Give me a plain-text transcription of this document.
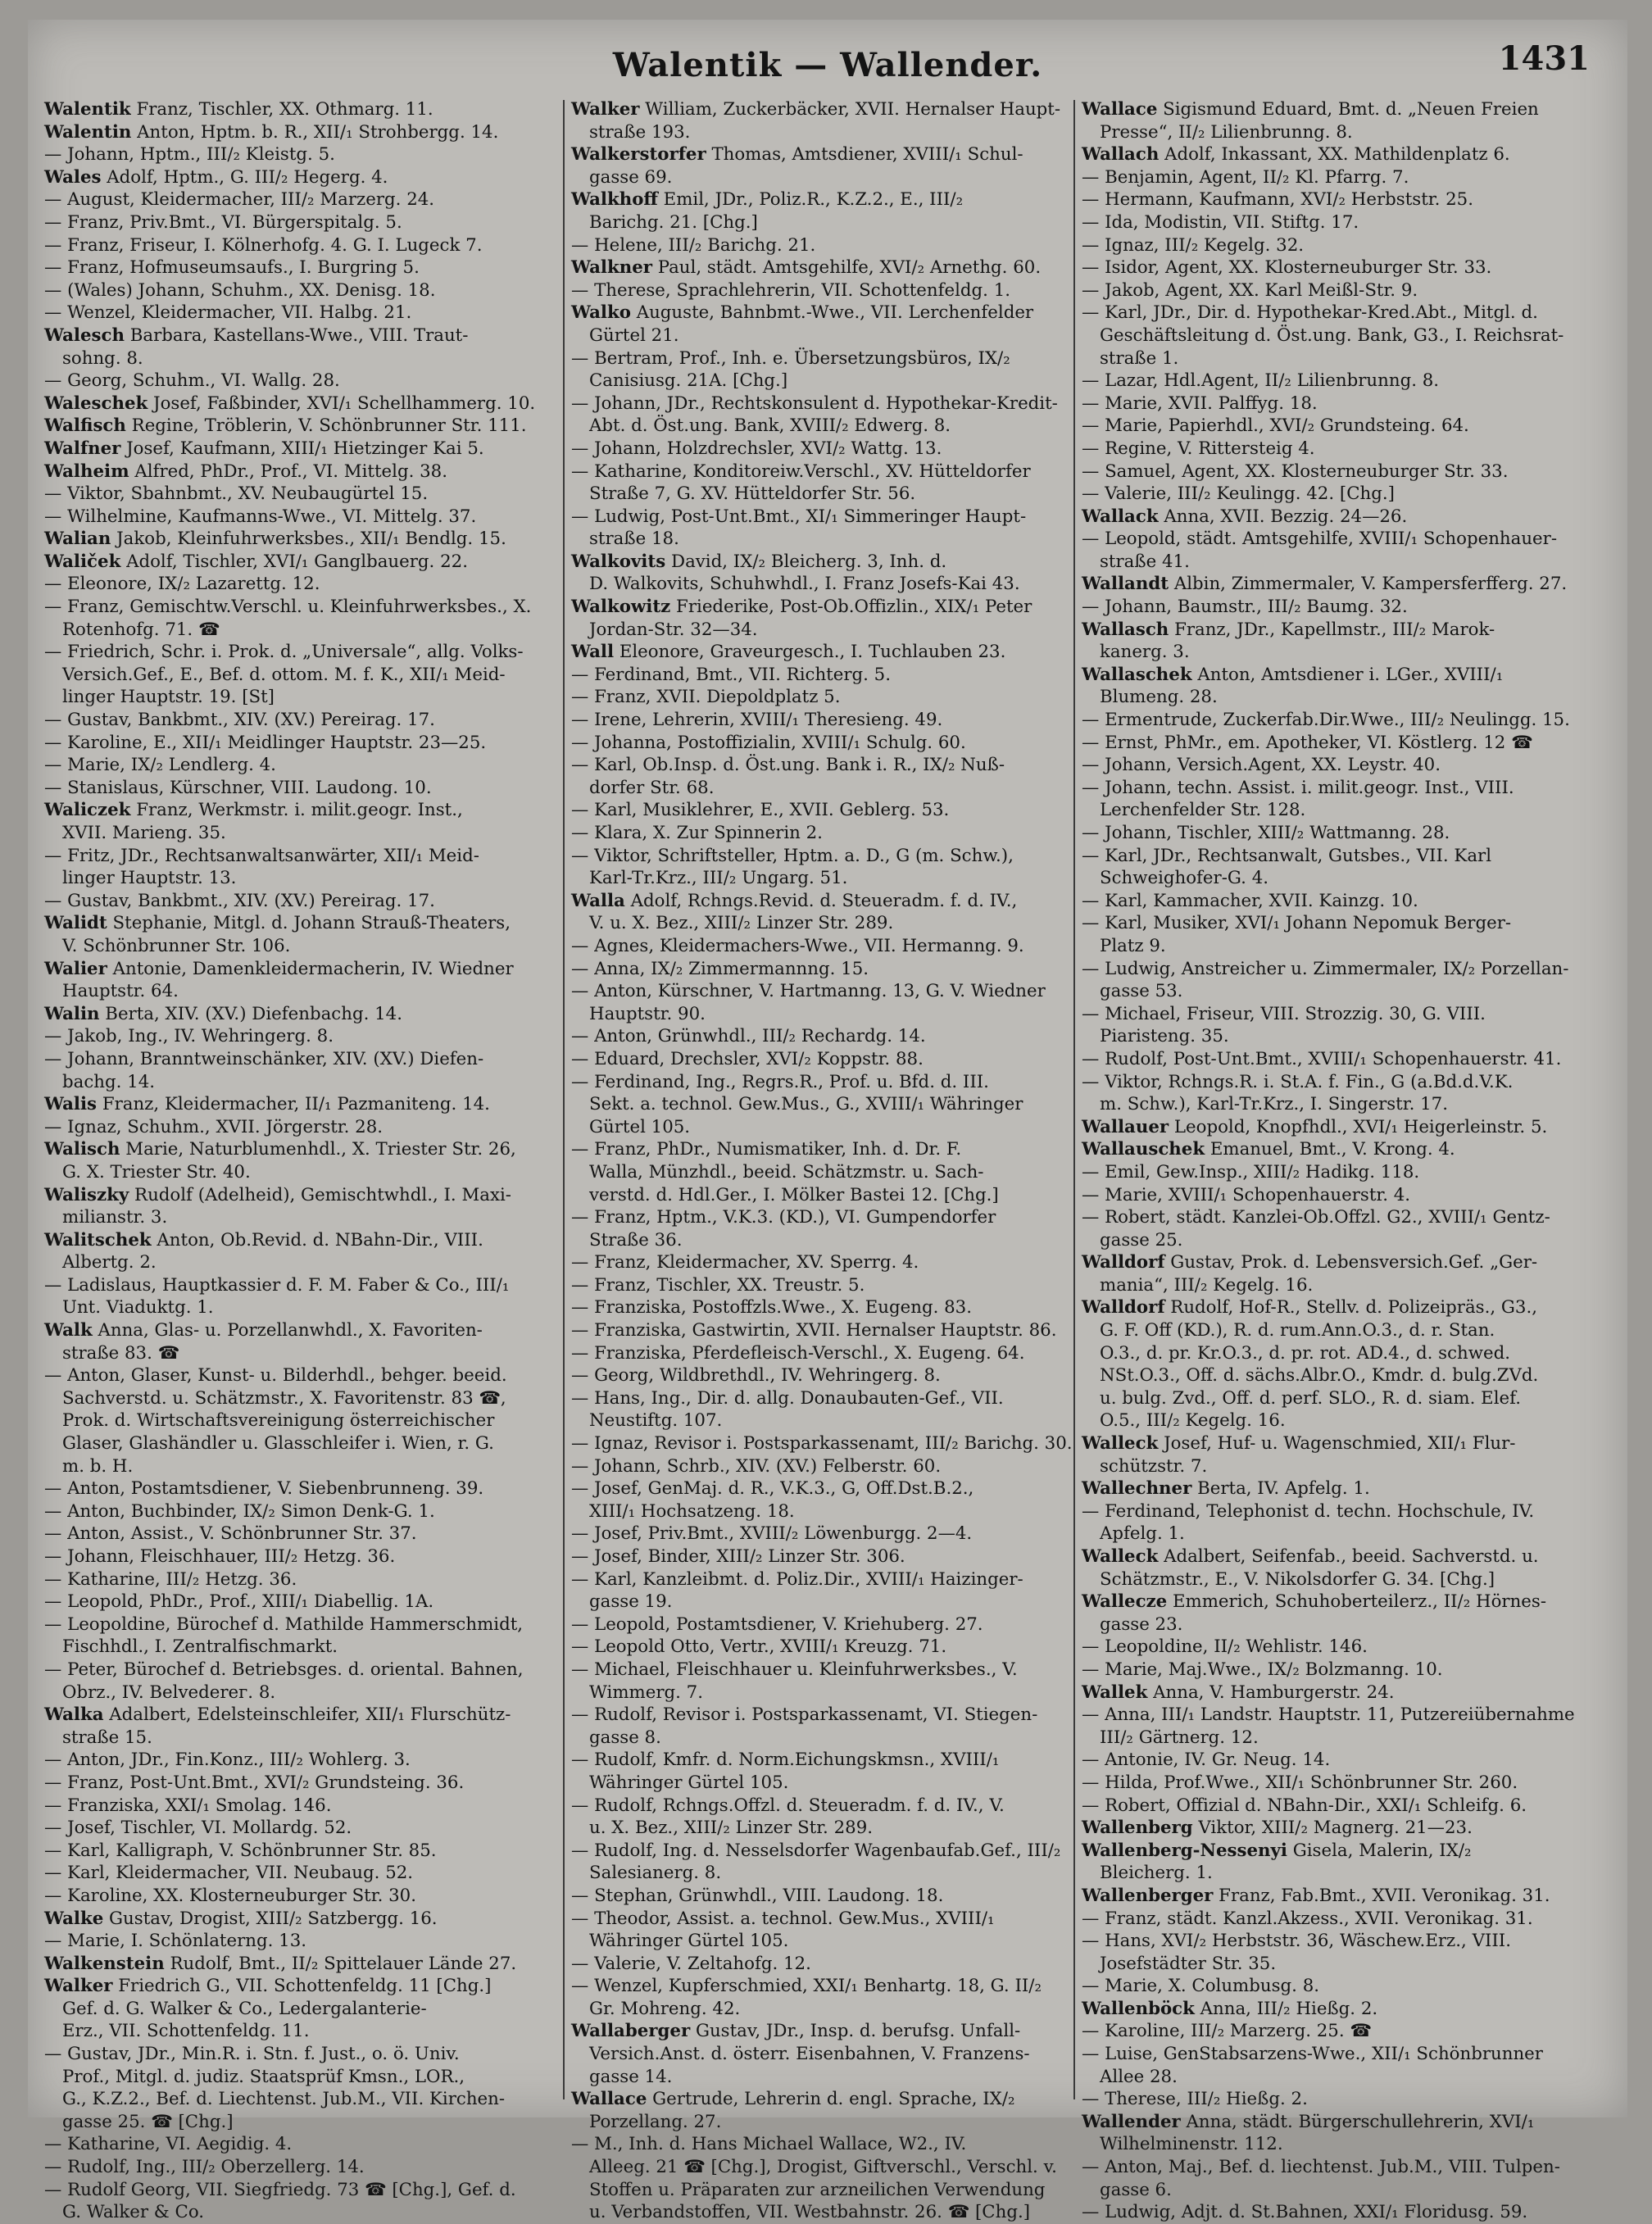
Walentik — Wallender.	1431
Walentik Franz, Tischler, XX. Othmarg. 11.
Walentin Anton, Hptm. b. R., XII/₁ Strohbergg. 14.
— Johann, Hptm., III/₂ Kleistg. 5.
Wales Adolf, Hptm., G. III/₂ Hegerg. 4.
— August, Kleidermacher, III/₂ Marzerg. 24.
— Franz, Priv.Bmt., VI. Bürgerspitalg. 5.
— Franz, Friseur, I. Kölnerhofg. 4. G. I. Lugeck 7.
— Franz, Hofmuseumsaufs., I. Burgring 5.
— (Wales) Johann, Schuhm., XX. Denisg. 18.
— Wenzel, Kleidermacher, VII. Halbg. 21.
Walesch Barbara, Kastellans-Wwe., VIII. Traut-
sohng. 8.
— Georg, Schuhm., VI. Wallg. 28.
Waleschek Josef, Faßbinder, XVI/₁ Schellhammerg. 10.
Walfisch Regine, Tröblerin, V. Schönbrunner Str. 111.
Walfner Josef, Kaufmann, XIII/₁ Hietzinger Kai 5.
Walheim Alfred, PhDr., Prof., VI. Mittelg. 38.
— Viktor, Sbahnbmt., XV. Neubaugürtel 15.
— Wilhelmine, Kaufmanns-Wwe., VI. Mittelg. 37.
Walian Jakob, Kleinfuhrwerksbes., XII/₁ Bendlg. 15.
Waliček Adolf, Tischler, XVI/₁ Ganglbauerg. 22.
— Eleonore, IX/₂ Lazarettg. 12.
— Franz, Gemischtw.Verschl. u. Kleinfuhrwerksbes., X.
Rotenhofg. 71. ☎
— Friedrich, Schr. i. Prok. d. „Universale“, allg. Volks-
Versich.Gef., E., Bef. d. ottom. M. f. K., XII/₁ Meid-
linger Hauptstr. 19. [St]
— Gustav, Bankbmt., XIV. (XV.) Pereirag. 17.
— Karoline, E., XII/₁ Meidlinger Hauptstr. 23—25.
— Marie, IX/₂ Lendlerg. 4.
— Stanislaus, Kürschner, VIII. Laudong. 10.
Waliczek Franz, Werkmstr. i. milit.geogr. Inst.,
XVII. Marieng. 35.
— Fritz, JDr., Rechtsanwaltsanwärter, XII/₁ Meid-
linger Hauptstr. 13.
— Gustav, Bankbmt., XIV. (XV.) Pereirag. 17.
Walidt Stephanie, Mitgl. d. Johann Strauß-Theaters,
V. Schönbrunner Str. 106.
Walier Antonie, Damenkleidermacherin, IV. Wiedner
Hauptstr. 64.
Walin Berta, XIV. (XV.) Diefenbachg. 14.
— Jakob, Ing., IV. Wehringerg. 8.
— Johann, Branntweinschänker, XIV. (XV.) Diefen-
bachg. 14.
Walis Franz, Kleidermacher, II/₁ Pazmaniteng. 14.
— Ignaz, Schuhm., XVII. Jörgerstr. 28.
Walisch Marie, Naturblumenhdl., X. Triester Str. 26,
G. X. Triester Str. 40.
Waliszky Rudolf (Adelheid), Gemischtwhdl., I. Maxi-
milianstr. 3.
Walitschek Anton, Ob.Revid. d. NBahn-Dir., VIII.
Albertg. 2.
— Ladislaus, Hauptkassier d. F. M. Faber & Co., III/₁
Unt. Viaduktg. 1.
Walk Anna, Glas- u. Porzellanwhdl., X. Favoriten-
straße 83. ☎
— Anton, Glaser, Kunst- u. Bilderhdl., behger. beeid.
Sachverstd. u. Schätzmstr., X. Favoritenstr. 83 ☎,
Prok. d. Wirtschaftsvereinigung österreichischer
Glaser, Glashändler u. Glasschleifer i. Wien, r. G.
m. b. H.
— Anton, Postamtsdiener, V. Siebenbrunneng. 39.
— Anton, Buchbinder, IX/₂ Simon Denk-G. 1.
— Anton, Assist., V. Schönbrunner Str. 37.
— Johann, Fleischhauer, III/₂ Hetzg. 36.
— Katharine, III/₂ Hetzg. 36.
— Leopold, PhDr., Prof., XIII/₁ Diabellig. 1A.
— Leopoldine, Bürochef d. Mathilde Hammerschmidt,
Fischhdl., I. Zentralfischmarkt.
— Peter, Bürochef d. Betriebsges. d. oriental. Bahnen,
Obrz., IV. Belvederег. 8.
Walka Adalbert, Edelsteinschleifer, XII/₁ Flurschütz-
straße 15.
— Anton, JDr., Fin.Konz., III/₂ Wohlerg. 3.
— Franz, Post-Unt.Bmt., XVI/₂ Grundsteing. 36.
— Franziska, XXI/₁ Smolag. 146.
— Josef, Tischler, VI. Mollardg. 52.
— Karl, Kalligraph, V. Schönbrunner Str. 85.
— Karl, Kleidermacher, VII. Neubaug. 52.
— Karoline, XX. Klosterneuburger Str. 30.
Walke Gustav, Drogist, XIII/₂ Satzbergg. 16.
— Marie, I. Schönlaterng. 13.
Walkenstein Rudolf, Bmt., II/₂ Spittelauer Lände 27.
Walker Friedrich G., VII. Schottenfeldg. 11 [Chg.]
Gef. d. G. Walker & Co., Ledergalanterie-
Erz., VII. Schottenfeldg. 11.
— Gustav, JDr., Min.R. i. Stn. f. Just., o. ö. Univ.
Prof., Mitgl. d. judiz. Staatsprüf Kmsn., LOR.,
G., K.Z.2., Bef. d. Liechtenst. Jub.M., VII. Kirchen-
gasse 25. ☎ [Chg.]
— Katharine, VI. Aegidig. 4.
— Rudolf, Ing., III/₂ Oberzellerg. 14.
— Rudolf Georg, VII. Siegfriedg. 73 ☎ [Chg.], Gef. d.
G. Walker & Co.
Walker William, Zuckerbäcker, XVII. Hernalser Haupt-
straße 193.
Walkerstorfer Thomas, Amtsdiener, XVIII/₁ Schul-
gasse 69.
Walkhoff Emil, JDr., Poliz.R., K.Z.2., E., III/₂
Barichg. 21. [Chg.]
— Helene, III/₂ Barichg. 21.
Walkner Paul, städt. Amtsgehilfe, XVI/₂ Arnethg. 60.
— Therese, Sprachlehrerin, VII. Schottenfeldg. 1.
Walko Auguste, Bahnbmt.-Wwe., VII. Lerchenfelder
Gürtel 21.
— Bertram, Prof., Inh. e. Übersetzungsbüros, IX/₂
Canisiusg. 21A. [Chg.]
— Johann, JDr., Rechtskonsulent d. Hypothekar-Kredit-
Abt. d. Öst.ung. Bank, XVIII/₂ Edwerg. 8.
— Johann, Holzdrechsler, XVI/₂ Wattg. 13.
— Katharine, Konditoreiw.Verschl., XV. Hütteldorfer
Straße 7, G. XV. Hütteldorfer Str. 56.
— Ludwig, Post-Unt.Bmt., XI/₁ Simmeringer Haupt-
straße 18.
Walkovits David, IX/₂ Bleicherg. 3, Inh. d.
D. Walkovits, Schuhwhdl., I. Franz Josefs-Kai 43.
Walkowitz Friederike, Post-Ob.Offizlin., XIX/₁ Peter
Jordan-Str. 32—34.
Wall Eleonore, Graveurgesch., I. Tuchlauben 23.
— Ferdinand, Bmt., VII. Richterg. 5.
— Franz, XVII. Diepoldplatz 5.
— Irene, Lehrerin, XVIII/₁ Theresieng. 49.
— Johanna, Postoffizialin, XVIII/₁ Schulg. 60.
— Karl, Ob.Insp. d. Öst.ung. Bank i. R., IX/₂ Nuß-
dorfer Str. 68.
— Karl, Musiklehrer, E., XVII. Geblerg. 53.
— Klara, X. Zur Spinnerin 2.
— Viktor, Schriftsteller, Hptm. a. D., G (m. Schw.),
Karl-Tr.Krz., III/₂ Ungarg. 51.
Walla Adolf, Rchngs.Revid. d. Steueradm. f. d. IV.,
V. u. X. Bez., XIII/₂ Linzer Str. 289.
— Agnes, Kleidermachers-Wwe., VII. Hermanng. 9.
— Anna, IX/₂ Zimmermannng. 15.
— Anton, Kürschner, V. Hartmanng. 13, G. V. Wiedner
Hauptstr. 90.
— Anton, Grünwhdl., III/₂ Rechardg. 14.
— Eduard, Drechsler, XVI/₂ Koppstr. 88.
— Ferdinand, Ing., Regrs.R., Prof. u. Bfd. d. III.
Sekt. a. technol. Gew.Mus., G., XVIII/₁ Währinger
Gürtel 105.
— Franz, PhDr., Numismatiker, Inh. d. Dr. F.
Walla, Münzhdl., beeid. Schätzmstr. u. Sach-
verstd. d. Hdl.Ger., I. Mölker Bastei 12. [Chg.]
— Franz, Hptm., V.K.3. (KD.), VI. Gumpendorfer
Straße 36.
— Franz, Kleidermacher, XV. Sperrg. 4.
— Franz, Tischler, XX. Treustr. 5.
— Franziska, Postoffzls.Wwe., X. Eugeng. 83.
— Franziska, Gastwirtin, XVII. Hernalser Hauptstr. 86.
— Franziska, Pferdefleisch-Verschl., X. Eugeng. 64.
— Georg, Wildbrethdl., IV. Wehringerg. 8.
— Hans, Ing., Dir. d. allg. Donaubauten-Gef., VII.
Neustiftg. 107.
— Ignaz, Revisor i. Postsparkassenamt, III/₂ Barichg. 30.
— Johann, Schrb., XIV. (XV.) Felberstr. 60.
— Josef, GenMaj. d. R., V.K.3., G, Off.Dst.B.2.,
XIII/₁ Hochsatzeng. 18.
— Josef, Priv.Bmt., XVIII/₂ Löwenburgg. 2—4.
— Josef, Binder, XIII/₂ Linzer Str. 306.
— Karl, Kanzleibmt. d. Poliz.Dir., XVIII/₁ Haizinger-
gasse 19.
— Leopold, Postamtsdiener, V. Kriehuberg. 27.
— Leopold Otto, Vertr., XVIII/₁ Kreuzg. 71.
— Michael, Fleischhauer u. Kleinfuhrwerksbes., V.
Wimmerg. 7.
— Rudolf, Revisor i. Postsparkassenamt, VI. Stiegen-
gasse 8.
— Rudolf, Kmfr. d. Norm.Eichungskmsn., XVIII/₁
Währinger Gürtel 105.
— Rudolf, Rchngs.Offzl. d. Steueradm. f. d. IV., V.
u. X. Bez., XIII/₂ Linzer Str. 289.
— Rudolf, Ing. d. Nesselsdorfer Wagenbaufab.Gef., III/₂
Salesianerg. 8.
— Stephan, Grünwhdl., VIII. Laudong. 18.
— Theodor, Assist. a. technol. Gew.Mus., XVIII/₁
Währinger Gürtel 105.
— Valerie, V. Zeltahofg. 12.
— Wenzel, Kupferschmied, XXI/₁ Benhartg. 18, G. II/₂
Gr. Mohreng. 42.
Wallaberger Gustav, JDr., Insp. d. berufsg. Unfall-
Versich.Anst. d. österr. Eisenbahnen, V. Franzens-
gasse 14.
Wallace Gertrude, Lehrerin d. engl. Sprache, IX/₂
Porzellang. 27.
— M., Inh. d. Hans Michael Wallace, W2., IV.
Alleeg. 21 ☎ [Chg.], Drogist, Giftverschl., Verschl. v.
Stoffen u. Präparaten zur arzneilichen Verwendung
u. Verbandstoffen, VII. Westbahnstr. 26. ☎ [Chg.]
Wallace Sigismund Eduard, Bmt. d. „Neuen Freien
Presse“, II/₂ Lilienbrunng. 8.
Wallach Adolf, Inkassant, XX. Mathildenplatz 6.
— Benjamin, Agent, II/₂ Kl. Pfarrg. 7.
— Hermann, Kaufmann, XVI/₂ Herbststr. 25.
— Ida, Modistin, VII. Stiftg. 17.
— Ignaz, III/₂ Kegelg. 32.
— Isidor, Agent, XX. Klosterneuburger Str. 33.
— Jakob, Agent, XX. Karl Meißl-Str. 9.
— Karl, JDr., Dir. d. Hypothekar-Kred.Abt., Mitgl. d.
Geschäftsleitung d. Öst.ung. Bank, G3., I. Reichsrat-
straße 1.
— Lazar, Hdl.Agent, II/₂ Lilienbrunng. 8.
— Marie, XVII. Palffyg. 18.
— Marie, Papierhdl., XVI/₂ Grundsteing. 64.
— Regine, V. Rittersteig 4.
— Samuel, Agent, XX. Klosterneuburger Str. 33.
— Valerie, III/₂ Keulingg. 42. [Chg.]
Wallack Anna, XVII. Bezzig. 24—26.
— Leopold, städt. Amtsgehilfe, XVIII/₁ Schopenhauer-
straße 41.
Wallandt Albin, Zimmermaler, V. Kampersferfferg. 27.
— Johann, Baumstr., III/₂ Baumg. 32.
Wallasch Franz, JDr., Kapellmstr., III/₂ Marok-
kanerg. 3.
Wallaschek Anton, Amtsdiener i. LGer., XVIII/₁
Blumeng. 28.
— Ermentrude, Zuckerfab.Dir.Wwe., III/₂ Neulingg. 15.
— Ernst, PhMr., em. Apotheker, VI. Köstlerg. 12 ☎
— Johann, Versich.Agent, XX. Leystr. 40.
— Johann, techn. Assist. i. milit.geogr. Inst., VIII.
Lerchenfelder Str. 128.
— Johann, Tischler, XIII/₂ Wattmanng. 28.
— Karl, JDr., Rechtsanwalt, Gutsbes., VII. Karl
Schweighofer-G. 4.
— Karl, Kammacher, XVII. Kainzg. 10.
— Karl, Musiker, XVI/₁ Johann Nepomuk Berger-
Platz 9.
— Ludwig, Anstreicher u. Zimmermaler, IX/₂ Porzellan-
gasse 53.
— Michael, Friseur, VIII. Strozzig. 30, G. VIII.
Piaristeng. 35.
— Rudolf, Post-Unt.Bmt., XVIII/₁ Schopenhauerstr. 41.
— Viktor, Rchngs.R. i. St.A. f. Fin., G (a.Bd.d.V.K.
m. Schw.), Karl-Tr.Krz., I. Singerstr. 17.
Wallauer Leopold, Knopfhdl., XVI/₁ Heigerleinstr. 5.
Wallauschek Emanuel, Bmt., V. Krong. 4.
— Emil, Gew.Insp., XIII/₂ Hadikg. 118.
— Marie, XVIII/₁ Schopenhauerstr. 4.
— Robert, städt. Kanzlei-Ob.Offzl. G2., XVIII/₁ Gentz-
gasse 25.
Walldorf Gustav, Prok. d. Lebensversich.Gef. „Ger-
mania“, III/₂ Kegelg. 16.
Walldorf Rudolf, Hof-R., Stellv. d. Polizeipräs., G3.,
G. F. Off (KD.), R. d. rum.Ann.O.3., d. r. Stan.
O.3., d. pr. Kr.O.3., d. pr. rot. AD.4., d. schwed.
NSt.O.3., Off. d. sächs.Albr.O., Kmdr. d. bulg.ZVd.
u. bulg. Zvd., Off. d. perf. SLO., R. d. siam. Elef.
O.5., III/₂ Kegelg. 16.
Walleck Josef, Huf- u. Wagenschmied, XII/₁ Flur-
schützstr. 7.
Wallechner Berta, IV. Apfelg. 1.
— Ferdinand, Telephonist d. techn. Hochschule, IV.
Apfelg. 1.
Walleck Adalbert, Seifenfab., beeid. Sachverstd. u.
Schätzmstr., E., V. Nikolsdorfer G. 34. [Chg.]
Wallecze Emmerich, Schuhoberteilerz., II/₂ Hörnes-
gasse 23.
— Leopoldine, II/₂ Wehlistr. 146.
— Marie, Maj.Wwe., IX/₂ Bolzmanng. 10.
Wallek Anna, V. Hamburgerstr. 24.
— Anna, III/₁ Landstr. Hauptstr. 11, Putzereiübernahme
III/₂ Gärtnerg. 12.
— Antonie, IV. Gr. Neug. 14.
— Hilda, Prof.Wwe., XII/₁ Schönbrunner Str. 260.
— Robert, Offizial d. NBahn-Dir., XXI/₁ Schleifg. 6.
Wallenberg Viktor, XIII/₂ Magnerg. 21—23.
Wallenberg-Nessenyi Gisela, Malerin, IX/₂
Bleicherg. 1.
Wallenberger Franz, Fab.Bmt., XVII. Veronikag. 31.
— Franz, städt. Kanzl.Akzess., XVII. Veronikag. 31.
— Hans, XVI/₂ Herbststr. 36, Wäschew.Erz., VIII.
Josefstädter Str. 35.
— Marie, X. Columbusg. 8.
Wallenböck Anna, III/₂ Hießg. 2.
— Karoline, III/₂ Marzerg. 25. ☎
— Luise, GenStabsarzens-Wwe., XII/₁ Schönbrunner
Allee 28.
— Therese, III/₂ Hießg. 2.
Wallender Anna, städt. Bürgerschullehrerin, XVI/₁
Wilhelminenstr. 112.
— Anton, Maj., Bef. d. liechtenst. Jub.M., VIII. Tulpen-
gasse 6.
— Ludwig, Adjt. d. St.Bahnen, XXI/₁ Floridusg. 59.
